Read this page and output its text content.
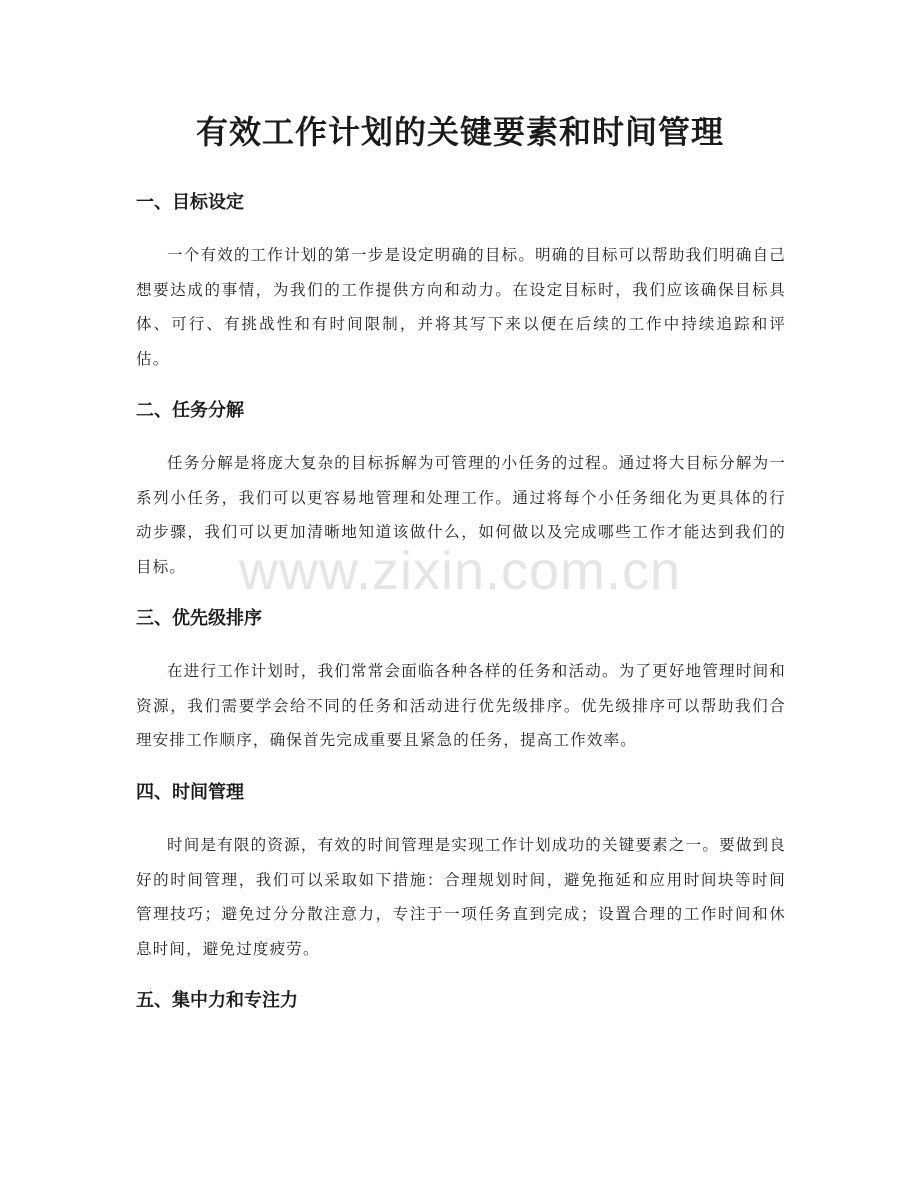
有效工作计划的关键要素和时间管理
一、目标设定

一个有效的工作计划的第一步是设定明确的目标。明确的目标可以帮助我们明确自己想要达成的事情，为我们的工作提供方向和动力。在设定目标时，我们应该确保目标具体、可行、有挑战性和有时间限制，并将其写下来以便在后续的工作中持续追踪和评估。

二、任务分解

任务分解是将庞大复杂的目标拆解为可管理的小任务的过程。通过将大目标分解为一系列小任务，我们可以更容易地管理和处理工作。通过将每个小任务细化为更具体的行动步骤，我们可以更加清晰地知道该做什么，如何做以及完成哪些工作才能达到我们的目标。

三、优先级排序

在进行工作计划时，我们常常会面临各种各样的任务和活动。为了更好地管理时间和资源，我们需要学会给不同的任务和活动进行优先级排序。优先级排序可以帮助我们合理安排工作顺序，确保首先完成重要且紧急的任务，提高工作效率。

四、时间管理

时间是有限的资源，有效的时间管理是实现工作计划成功的关键要素之一。要做到良好的时间管理，我们可以采取如下措施：合理规划时间，避免拖延和应用时间块等时间管理技巧；避免过分分散注意力，专注于一项任务直到完成；设置合理的工作时间和休息时间，避免过度疲劳。

五、集中力和专注力
www.zixin.com.cn
